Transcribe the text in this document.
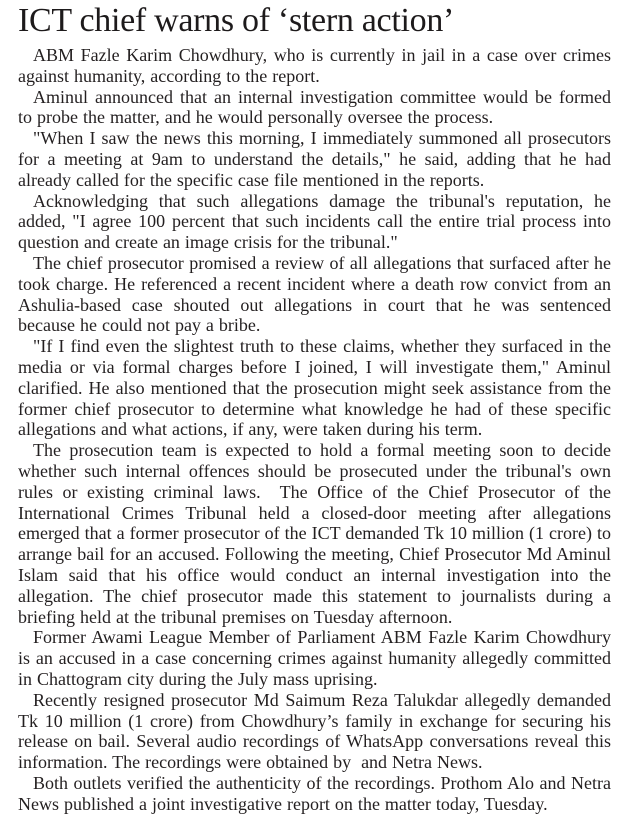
ICT chief warns of ‘stern action’

ABM Fazle Karim Chowdhury, who is currently in jail in a case over crimes against humanity, according to the report.

Aminul announced that an internal investigation committee would be formed to probe the matter, and he would personally oversee the process.

"When I saw the news this morning, I immediately summoned all prosecutors for a meeting at 9am to understand the details," he said, adding that he had already called for the specific case file mentioned in the reports.

Acknowledging that such allegations damage the tribunal's reputation, he added, "I agree 100 percent that such incidents call the entire trial process into question and create an image crisis for the tribunal."

The chief prosecutor promised a review of all allegations that surfaced after he took charge. He referenced a recent incident where a death row convict from an Ashulia-based case shouted out allegations in court that he was sentenced because he could not pay a bribe.

"If I find even the slightest truth to these claims, whether they surfaced in the media or via formal charges before I joined, I will investigate them," Aminul clarified. He also mentioned that the prosecution might seek assistance from the former chief prosecutor to determine what knowledge he had of these specific allegations and what actions, if any, were taken during his term.

The prosecution team is expected to hold a formal meeting soon to decide whether such internal offences should be prosecuted under the tribunal's own rules or existing criminal laws.  The Office of the Chief Prosecutor of the International Crimes Tribunal held a closed-door meeting after allegations emerged that a former prosecutor of the ICT demanded Tk 10 million (1 crore) to arrange bail for an accused. Following the meeting, Chief Prosecutor Md Aminul Islam said that his office would conduct an internal investigation into the allegation. The chief prosecutor made this statement to journalists during a briefing held at the tribunal premises on Tuesday afternoon.

Former Awami League Member of Parliament ABM Fazle Karim Chowdhury is an accused in a case concerning crimes against humanity allegedly committed in Chattogram city during the July mass uprising.

Recently resigned prosecutor Md Saimum Reza Talukdar allegedly demanded Tk 10 million (1 crore) from Chowdhury’s family in exchange for securing his release on bail. Several audio recordings of WhatsApp conversations reveal this information. The recordings were obtained by  and Netra News.

Both outlets verified the authenticity of the recordings. Prothom Alo and Netra News published a joint investigative report on the matter today, Tuesday.
